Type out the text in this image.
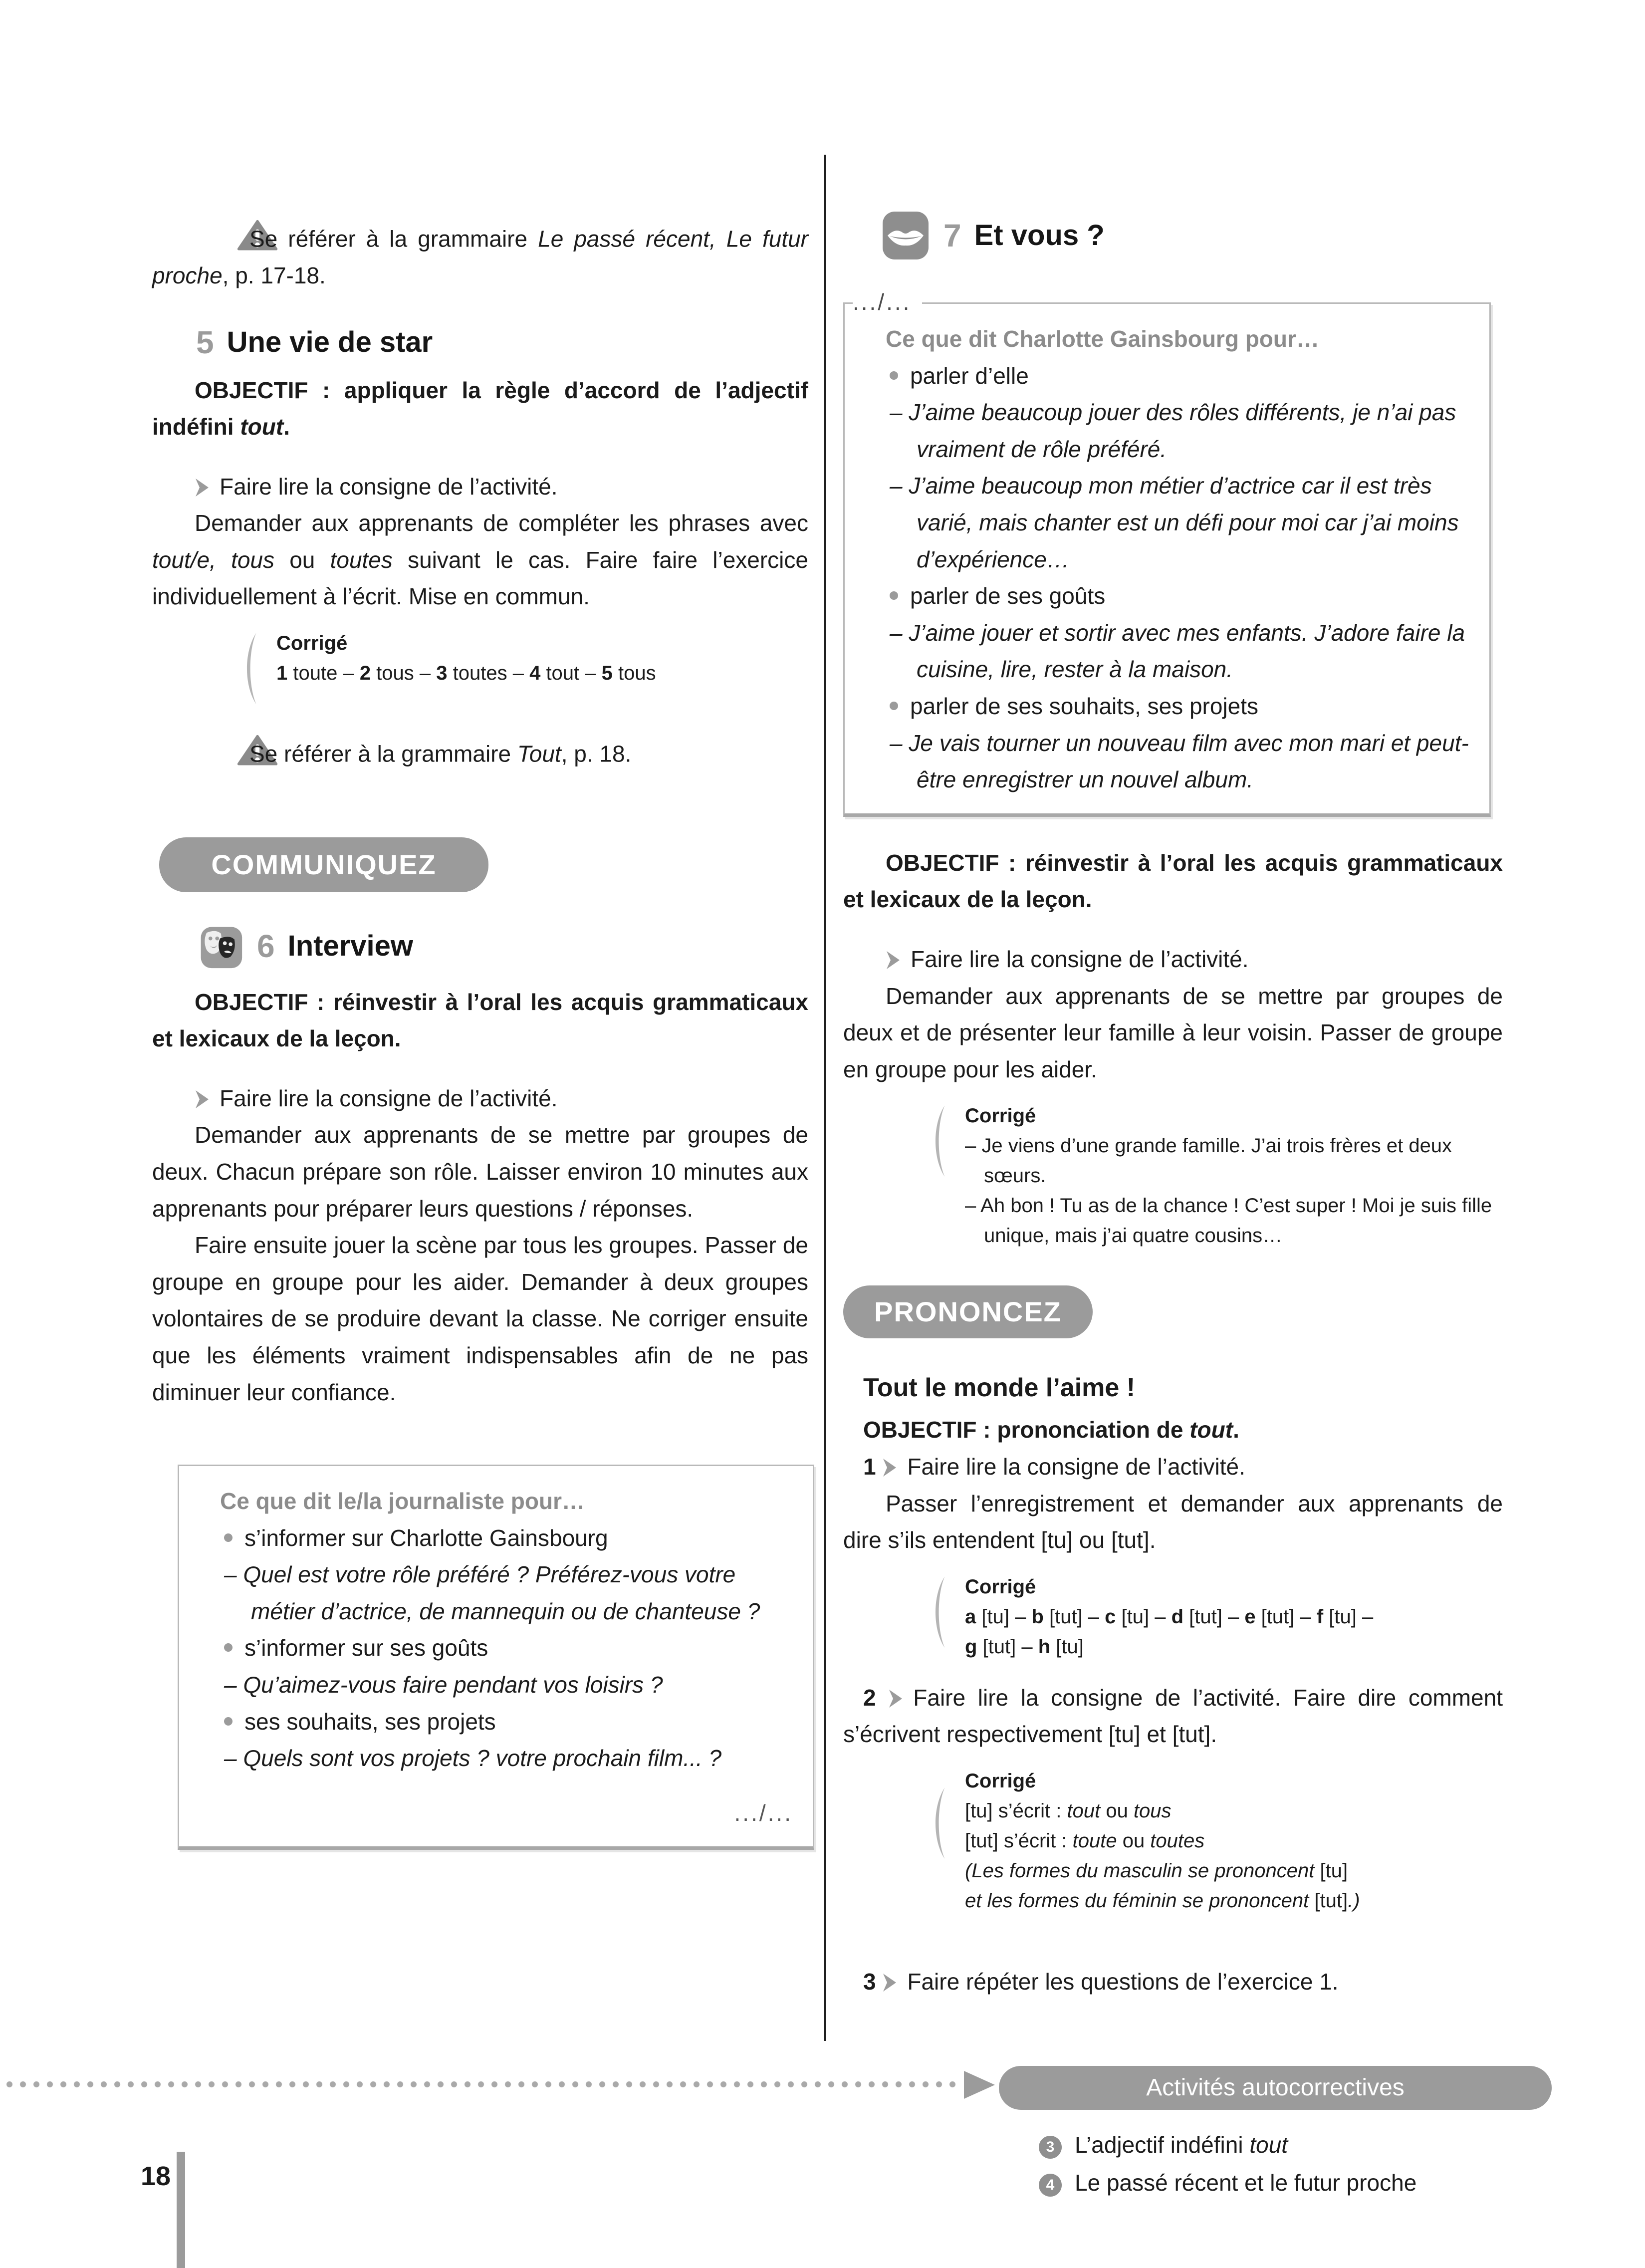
Se référer à la grammaire Le passé récent, Le futur proche, p. 17-18.

5 Une vie de star

OBJECTIF : appliquer la règle d’accord de l’adjectif indéfini tout.

Faire lire la consigne de l’activité.

Demander aux apprenants de compléter les phrases avec tout/e, tous ou toutes suivant le cas. Faire faire l’exercice individuellement à l’écrit. Mise en commun.

Corrigé
1 toute – 2 tous – 3 toutes – 4 tout – 5 tous

Se référer à la grammaire Tout, p. 18.

COMMUNIQUEZ
6 Interview

OBJECTIF : réinvestir à l’oral les acquis grammaticaux et lexicaux de la leçon.

Faire lire la consigne de l’activité.

Demander aux apprenants de se mettre par groupes de deux. Chacun prépare son rôle. Laisser environ 10 minutes aux apprenants pour préparer leurs questions / réponses.

Faire ensuite jouer la scène par tous les groupes. Passer de groupe en groupe pour les aider. Demander à deux groupes volontaires de se produire devant la classe. Ne corriger ensuite que les éléments vraiment indispensables afin de ne pas diminuer leur confiance.

Ce que dit le/la journaliste pour…
s’informer sur Charlotte Gainsbourg
– Quel est votre rôle préféré ? Préférez-vous votre métier d’actrice, de mannequin ou de chanteuse ?
s’informer sur ses goûts
– Qu’aimez-vous faire pendant vos loisirs ?
ses souhaits, ses projets
– Quels sont vos projets ? votre prochain film... ?
.../...
7 Et vous ?
.../...
Ce que dit Charlotte Gainsbourg pour…
parler d’elle
– J’aime beaucoup jouer des rôles différents, je n’ai pas vraiment de rôle préféré.
– J’aime beaucoup mon métier d’actrice car il est très varié, mais chanter est un défi pour moi car j’ai moins d’expérience…
parler de ses goûts
– J’aime jouer et sortir avec mes enfants. J’adore faire la cuisine, lire, rester à la maison.
parler de ses souhaits, ses projets
– Je vais tourner un nouveau film avec mon mari et peut-être enregistrer un nouvel album.

OBJECTIF : réinvestir à l’oral les acquis grammaticaux et lexicaux de la leçon.

Faire lire la consigne de l’activité.

Demander aux apprenants de se mettre par groupes de deux et de présenter leur famille à leur voisin. Passer de groupe en groupe pour les aider.

Corrigé
– Je viens d’une grande famille. J’ai trois frères et deux sœurs.
– Ah bon ! Tu as de la chance ! C’est super ! Moi je suis fille unique, mais j’ai quatre cousins…
PRONONCEZ
Tout le monde l’aime !

OBJECTIF : prononciation de tout.

1 Faire lire la consigne de l’activité.

Passer l’enregistrement et demander aux apprenants de dire s’ils entendent [tu] ou [tut].

Corrigé
a [tu] – b [tut] – c [tu] – d [tut] – e [tut] – f [tu] –
g [tut] – h [tu]

2 Faire lire la consigne de l’activité. Faire dire comment s’écrivent respectivement [tu] et [tut].

Corrigé
[tu] s’écrit : tout ou tous
[tut] s’écrit : toute ou toutes
(Les formes du masculin se prononcent [tu]
et les formes du féminin se prononcent [tut].)

3 Faire répéter les questions de l’exercice 1.

Activités autocorrectives
3 L’adjectif indéfini tout
4 Le passé récent et le futur proche
18
